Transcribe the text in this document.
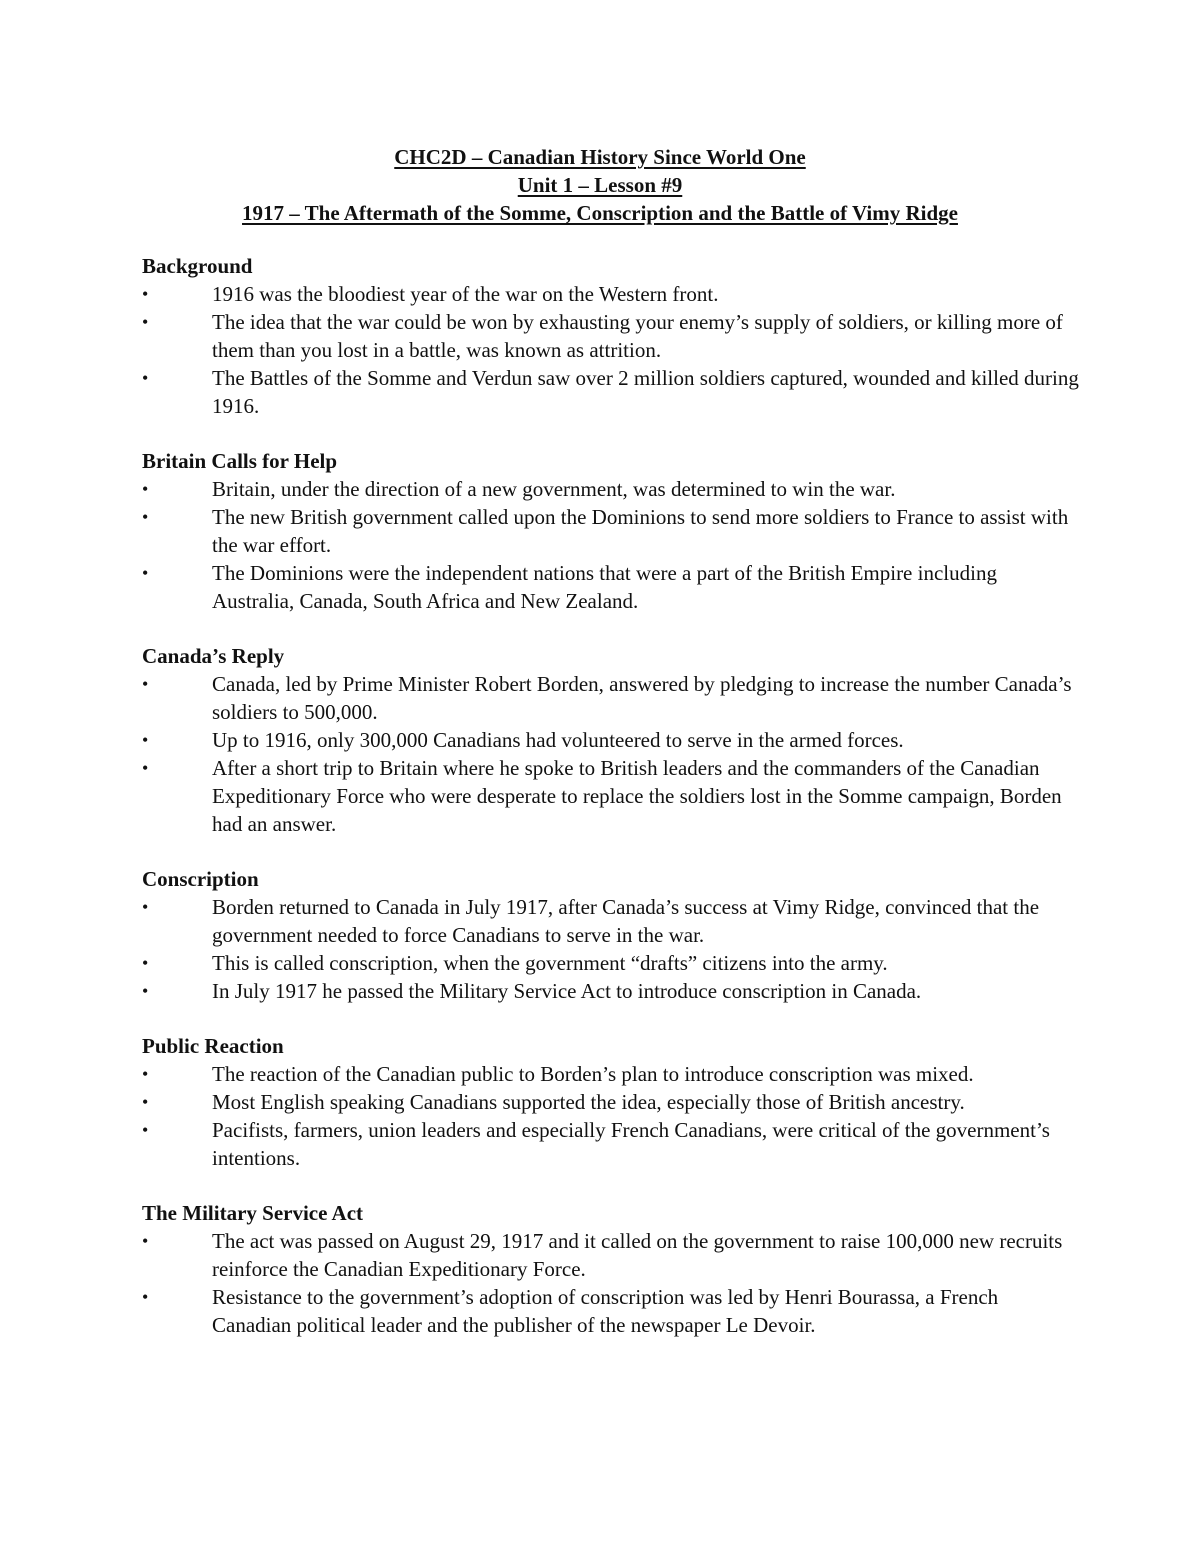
CHC2D – Canadian History Since World One
Unit 1 – Lesson #9
1917 – The Aftermath of the Somme, Conscription and the Battle of Vimy Ridge
Background
•	1916 was the bloodiest year of the war on the Western front.
•	The idea that the war could be won by exhausting your enemy’s supply of soldiers, or killing more of them than you lost in a battle, was known as attrition.
•	The Battles of the Somme and Verdun saw over 2 million soldiers captured, wounded and killed during 1916.
Britain Calls for Help
•	Britain, under the direction of a new government, was determined to win the war.
•	The new British government called upon the Dominions to send more soldiers to France to assist with the war effort.
•	The Dominions were the independent nations that were a part of the British Empire including Australia, Canada, South Africa and New Zealand.
Canada’s Reply
•	Canada, led by Prime Minister Robert Borden, answered by pledging to increase the number Canada’s soldiers to 500,000.
•	Up to 1916, only 300,000 Canadians had volunteered to serve in the armed forces.
•	After a short trip to Britain where he spoke to British leaders and the commanders of the Canadian Expeditionary Force who were desperate to replace the soldiers lost in the Somme campaign, Borden had an answer.
Conscription
•	Borden returned to Canada in July 1917, after Canada’s success at Vimy Ridge, convinced that the government needed to force Canadians to serve in the war.
•	This is called conscription, when the government “drafts” citizens into the army.
•	In July 1917 he passed the Military Service Act to introduce conscription in Canada.
Public Reaction
•	The reaction of the Canadian public to Borden’s plan to introduce conscription was mixed.
•	Most English speaking Canadians supported the idea, especially those of British ancestry.
•	Pacifists, farmers, union leaders and especially French Canadians, were critical of the government’s intentions.
The Military Service Act
•	The act was passed on August 29, 1917 and it called on the government to raise 100,000 new recruits reinforce the Canadian Expeditionary Force.
•	Resistance to the government’s adoption of conscription was led by Henri Bourassa, a French Canadian political leader and the publisher of the newspaper Le Devoir.
